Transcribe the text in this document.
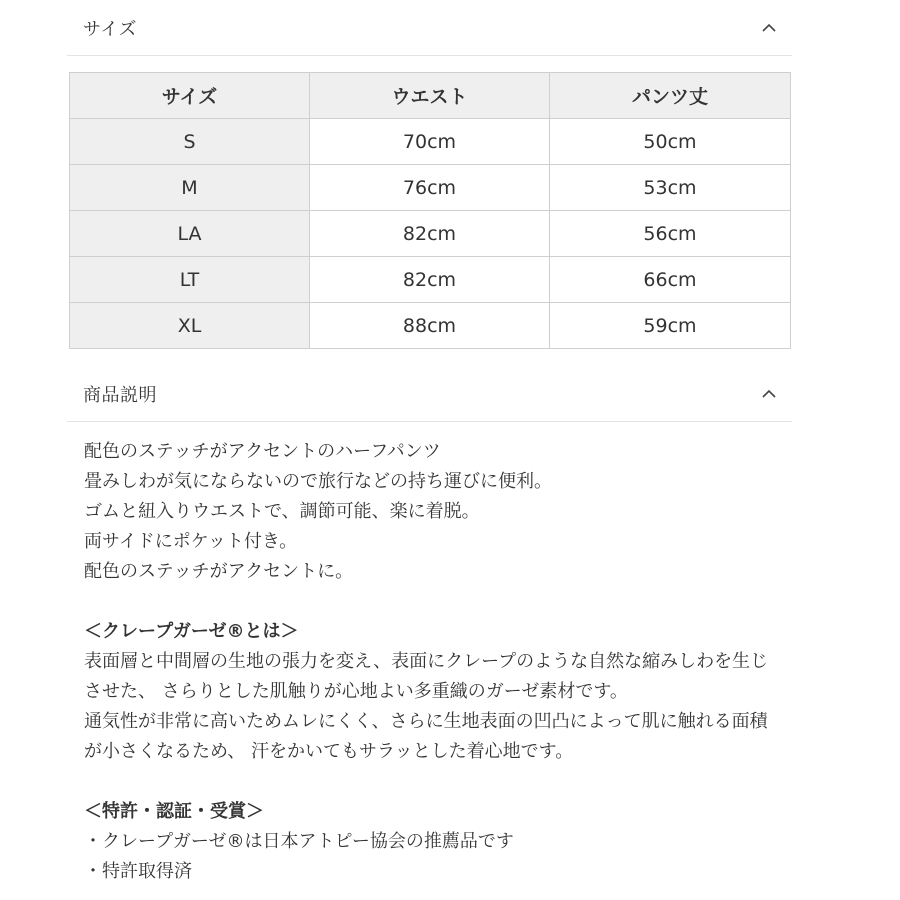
サイズ
サイズ	ウエスト	パンツ丈
S	70cm	50cm
M	76cm	53cm
LA	82cm	56cm
LT	82cm	66cm
XL	88cm	59cm
商品説明

配色のステッチがアクセントのハーフパンツ

畳みしわが気にならないので旅行などの持ち運びに便利。

ゴムと紐入りウエストで、調節可能、楽に着脱。

両サイドにポケット付き。

配色のステッチがアクセントに。

＜クレープガーゼ®とは＞

表面層と中間層の生地の張力を変え、表面にクレープのような自然な縮みしわを生じ

させた、 さらりとした肌触りが心地よい多重織のガーゼ素材です。

通気性が非常に高いためムレにくく、さらに生地表面の凹凸によって肌に触れる面積

が小さくなるため、 汗をかいてもサラッとした着心地です。

＜特許・認証・受賞＞

・クレープガーゼ®は日本アトピー協会の推薦品です

・特許取得済
